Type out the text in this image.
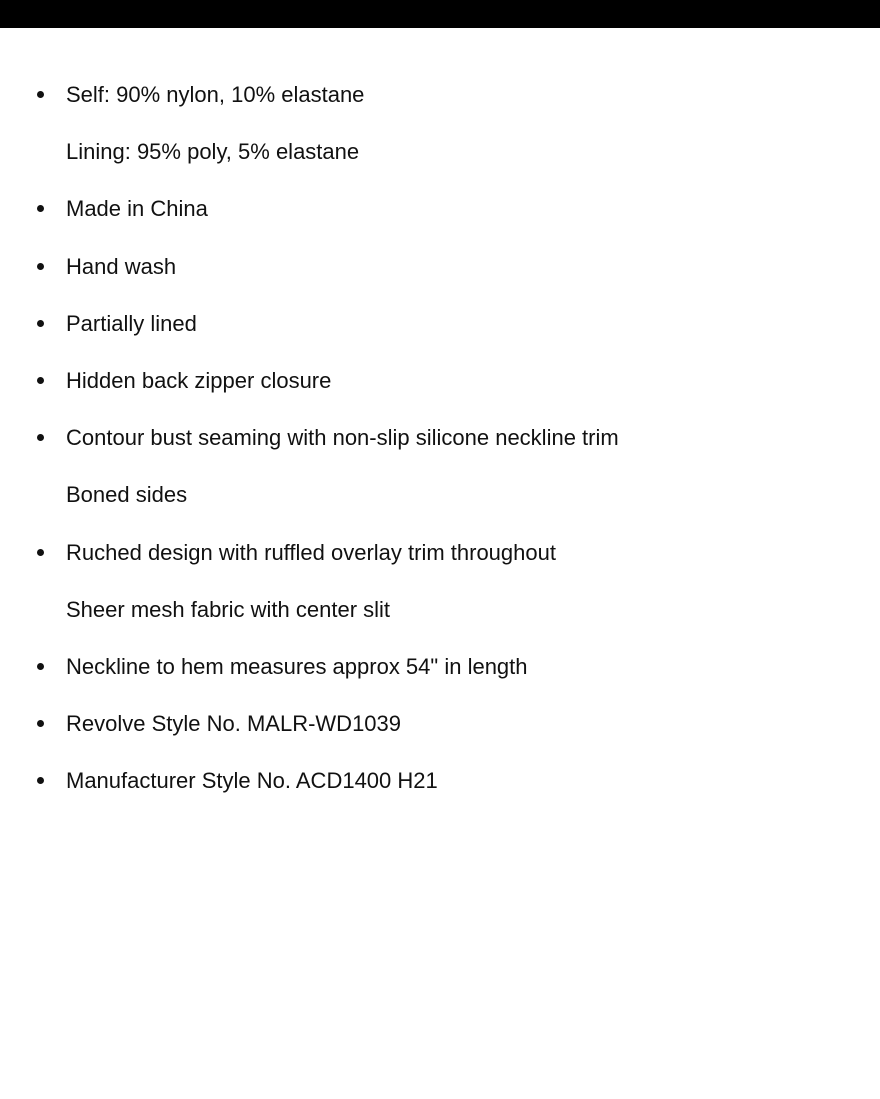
Self: 90% nylon, 10% elastane
Lining: 95% poly, 5% elastane
Made in China
Hand wash
Partially lined
Hidden back zipper closure
Contour bust seaming with non-slip silicone neckline trim
Boned sides
Ruched design with ruffled overlay trim throughout
Sheer mesh fabric with center slit
Neckline to hem measures approx 54" in length
Revolve Style No. MALR-WD1039
Manufacturer Style No. ACD1400 H21
